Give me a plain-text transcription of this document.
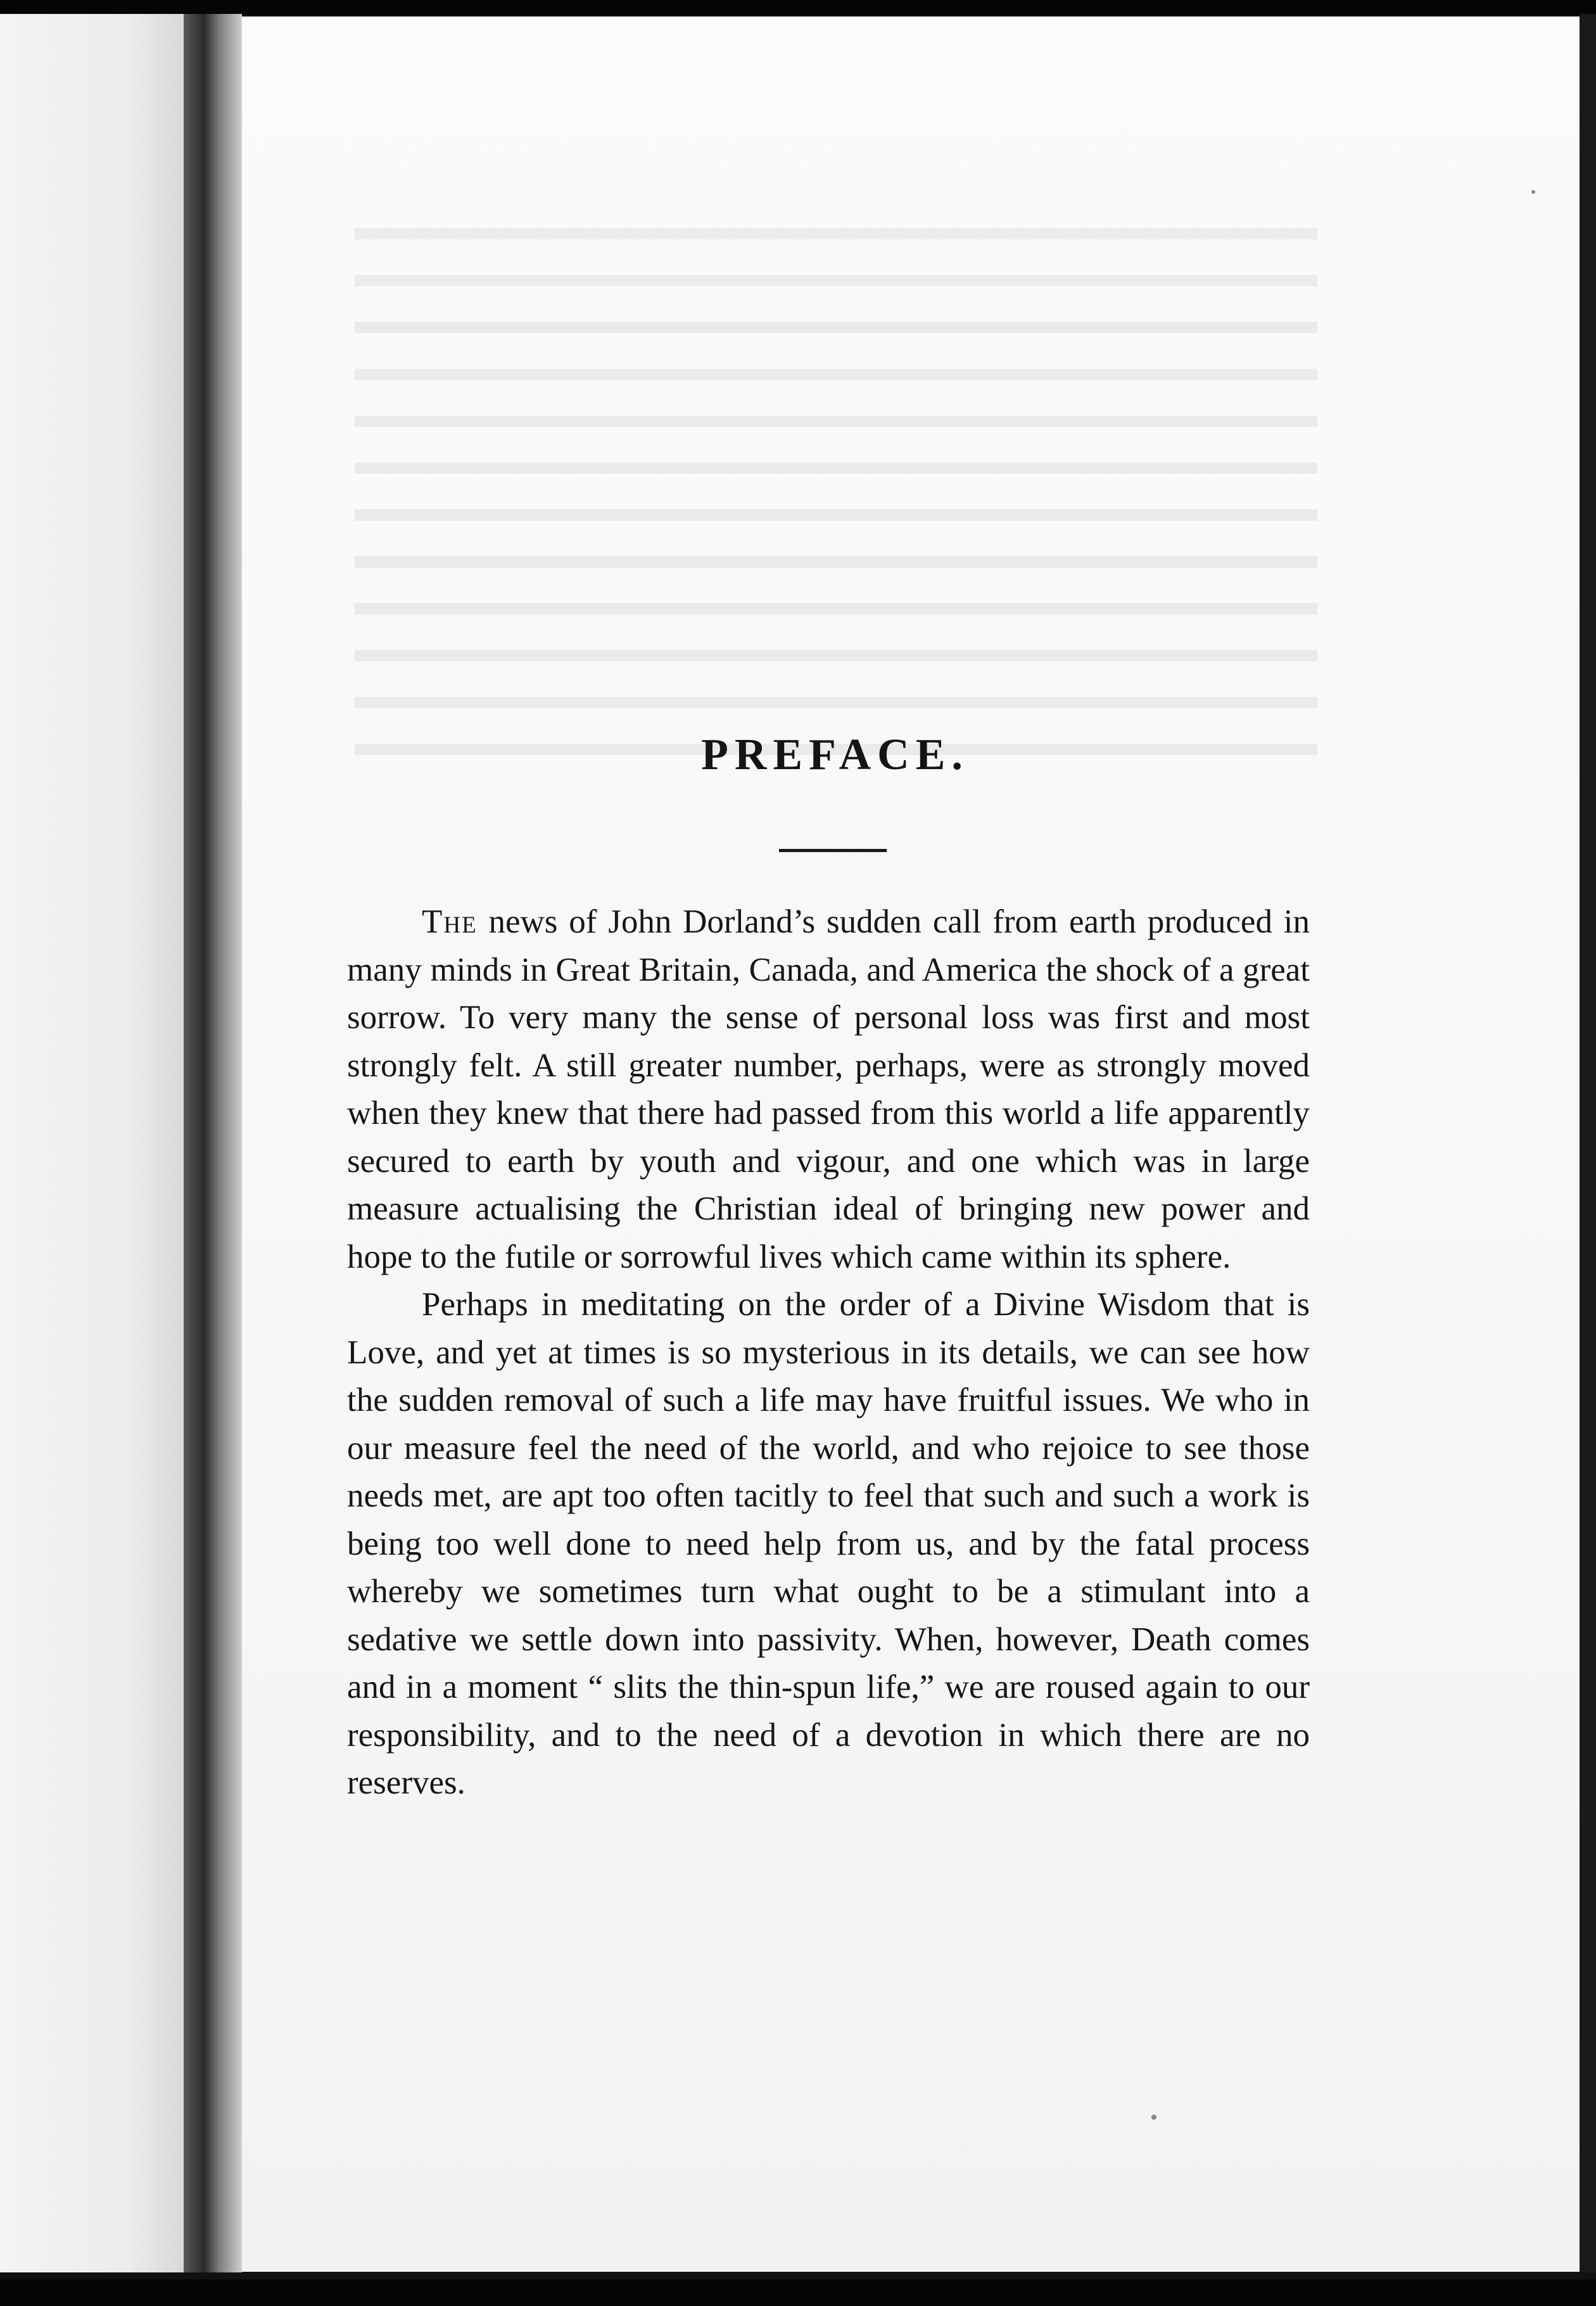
PREFACE.

The news of John Dorland’s sudden call from earth produced in many minds in Great Britain, Canada, and America the shock of a great sorrow. To very many the sense of personal loss was first and most strongly felt. A still greater number, perhaps, were as strongly moved when they knew that there had passed from this world a life apparently secured to earth by youth and vigour, and one which was in large measure actualising the Christian ideal of bringing new power and hope to the futile or sorrowful lives which came within its sphere.

Perhaps in meditating on the order of a Divine Wisdom that is Love, and yet at times is so mysterious in its details, we can see how the sudden removal of such a life may have fruitful issues. We who in our measure feel the need of the world, and who rejoice to see those needs met, are apt too often tacitly to feel that such and such a work is being too well done to need help from us, and by the fatal process whereby we sometimes turn what ought to be a stimulant into a sedative we settle down into passivity. When, however, Death comes and in a moment “ slits the thin-spun life,” we are roused again to our responsibility, and to the need of a devotion in which there are no reserves.
